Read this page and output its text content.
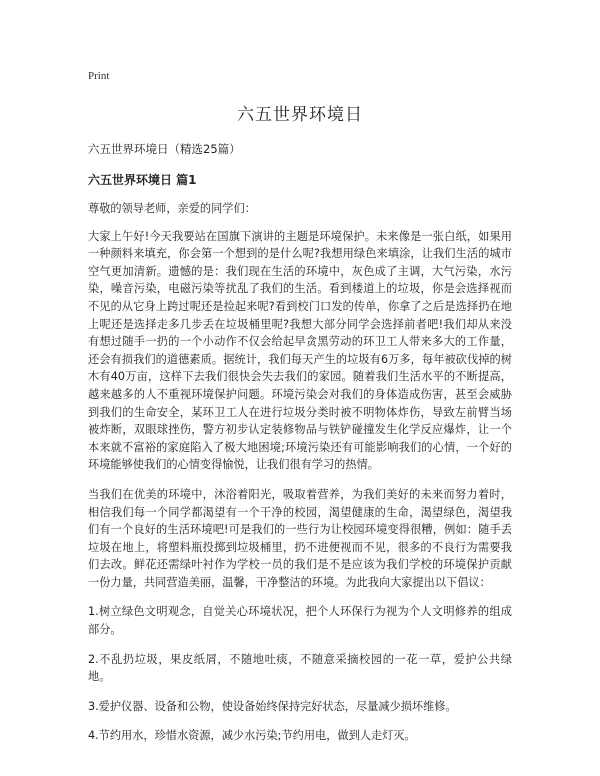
Print
六五世界环境日

六五世界环境日（精选25篇）

六五世界环境日 篇1

尊敬的领导老师，亲爱的同学们：

大家上午好!今天我要站在国旗下演讲的主题是环境保护。未来像是一张白纸，如果用一种颜料来填充，你会第一个想到的是什么呢?我想用绿色来填涂，让我们生活的城市空气更加清新。遗憾的是：我们现在生活的环境中，灰色成了主调，大气污染，水污染，噪音污染，电磁污染等扰乱了我们的生活。看到楼道上的垃圾，你是会选择视而不见的从它身上跨过呢还是捡起来呢?看到校门口发的传单，你拿了之后是选择扔在地上呢还是选择走多几步丢在垃圾桶里呢?我想大部分同学会选择前者吧!我们却从来没有想过随手一扔的一个小动作不仅会给起早贪黑劳动的环卫工人带来多大的工作量，还会有损我们的道德素质。据统计，我们每天产生的垃圾有6万多，每年被砍伐掉的树木有40万亩，这样下去我们很快会失去我们的家园。随着我们生活水平的不断提高，越来越多的人不重视环境保护问题。环境污染会对我们的身体造成伤害，甚至会威胁到我们的生命安全，某环卫工人在进行垃圾分类时被不明物体炸伤，导致左前臂当场被炸断，双眼球挫伤，警方初步认定装修物品与铁铲碰撞发生化学反应爆炸，让一个本来就不富裕的家庭陷入了极大地困境;环境污染还有可能影响我们的心情，一个好的环境能够使我们的心情变得愉悦，让我们很有学习的热情。

当我们在优美的环境中，沐浴着阳光，吸取着营养，为我们美好的未来而努力着时，相信我们每一个同学都渴望有一个干净的校园，渴望健康的生命，渴望绿色，渴望我们有一个良好的生活环境吧!可是我们的一些行为让校园环境变得很糟，例如：随手丢垃圾在地上，将塑料瓶投掷到垃圾桶里，扔不进便视而不见，很多的不良行为需要我们去改。鲜花还需绿叶衬作为学校一员的我们是不是应该为我们学校的环境保护贡献一份力量，共同营造美丽，温馨，干净整洁的环境。为此我向大家提出以下倡议：

1.树立绿色文明观念，自觉关心环境状况，把个人环保行为视为个人文明修养的组成部分。

2.不乱扔垃圾，果皮纸屑，不随地吐痰，不随意采摘校园的一花一草，爱护公共绿地。

3.爱护仪器、设备和公物，使设备始终保持完好状态，尽量减少损坏维修。

4.节约用水，珍惜水资源，减少水污染;节约用电，做到人走灯灭。
